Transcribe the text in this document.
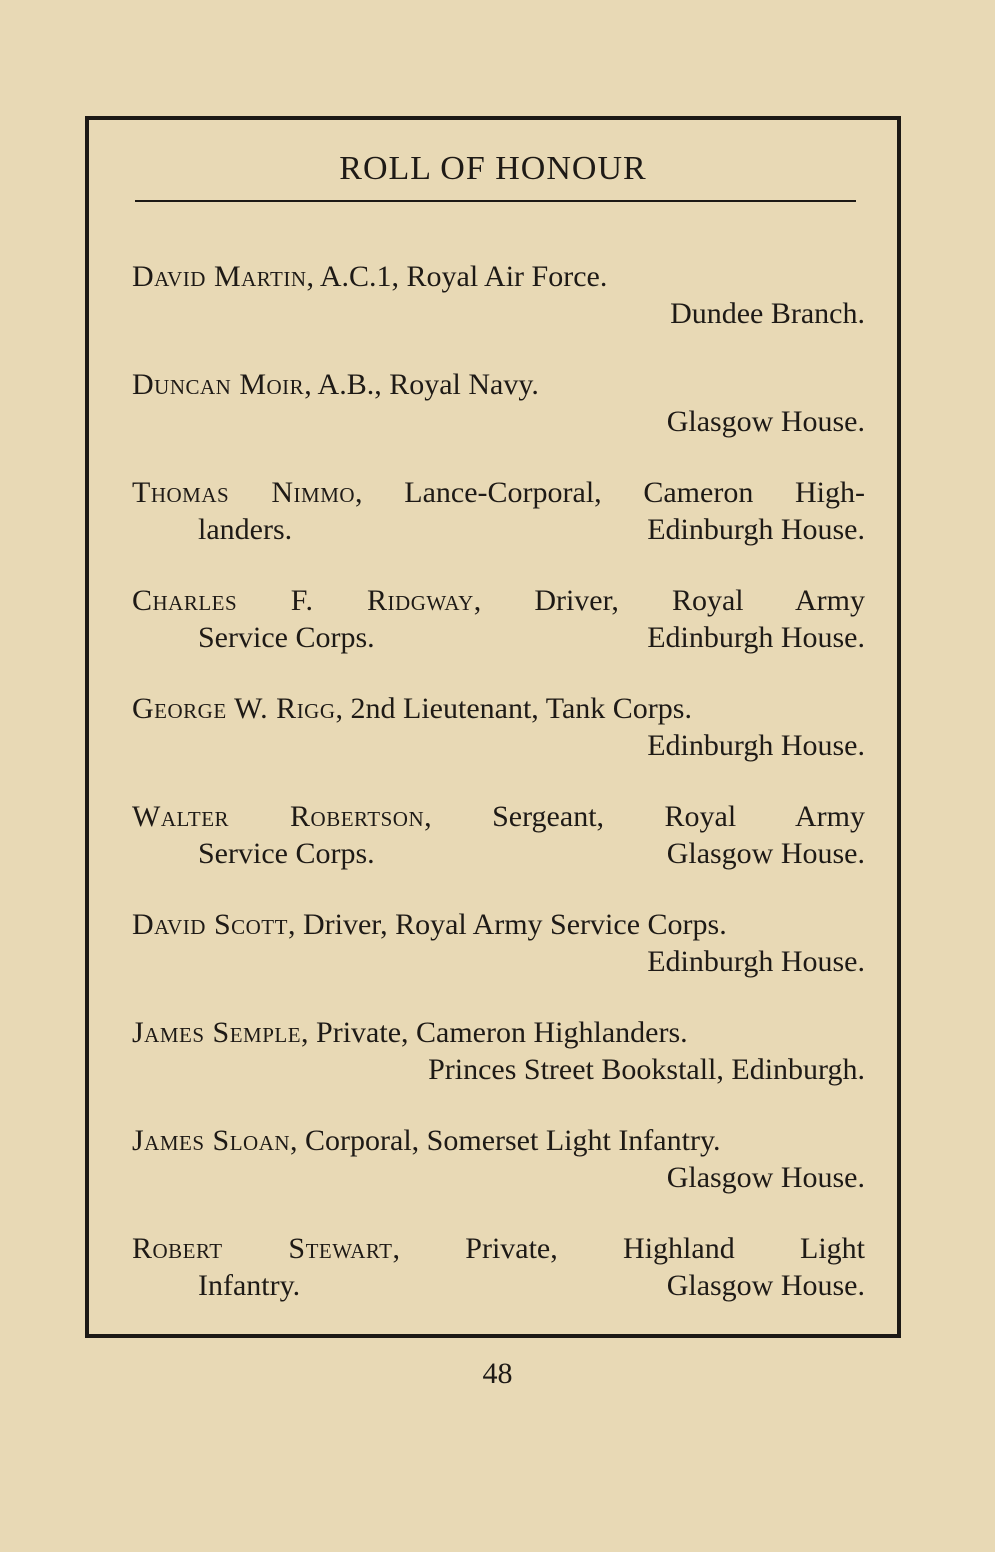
ROLL OF HONOUR
David Martin, A.C.1, Royal Air Force.
Dundee Branch.
Duncan Moir, A.B., Royal Navy.
Glasgow House.
Thomas Nimmo, Lance-Corporal, Cameron High-
landers.	Edinburgh House.
Charles F. Ridgway, Driver, Royal Army
Service Corps.	Edinburgh House.
George W. Rigg, 2nd Lieutenant, Tank Corps.
Edinburgh House.
Walter Robertson, Sergeant, Royal Army
Service Corps.	Glasgow House.
David Scott, Driver, Royal Army Service Corps.
Edinburgh House.
James Semple, Private, Cameron Highlanders.
Princes Street Bookstall, Edinburgh.
James Sloan, Corporal, Somerset Light Infantry.
Glasgow House.
Robert Stewart, Private, Highland Light
Infantry.	Glasgow House.
48
